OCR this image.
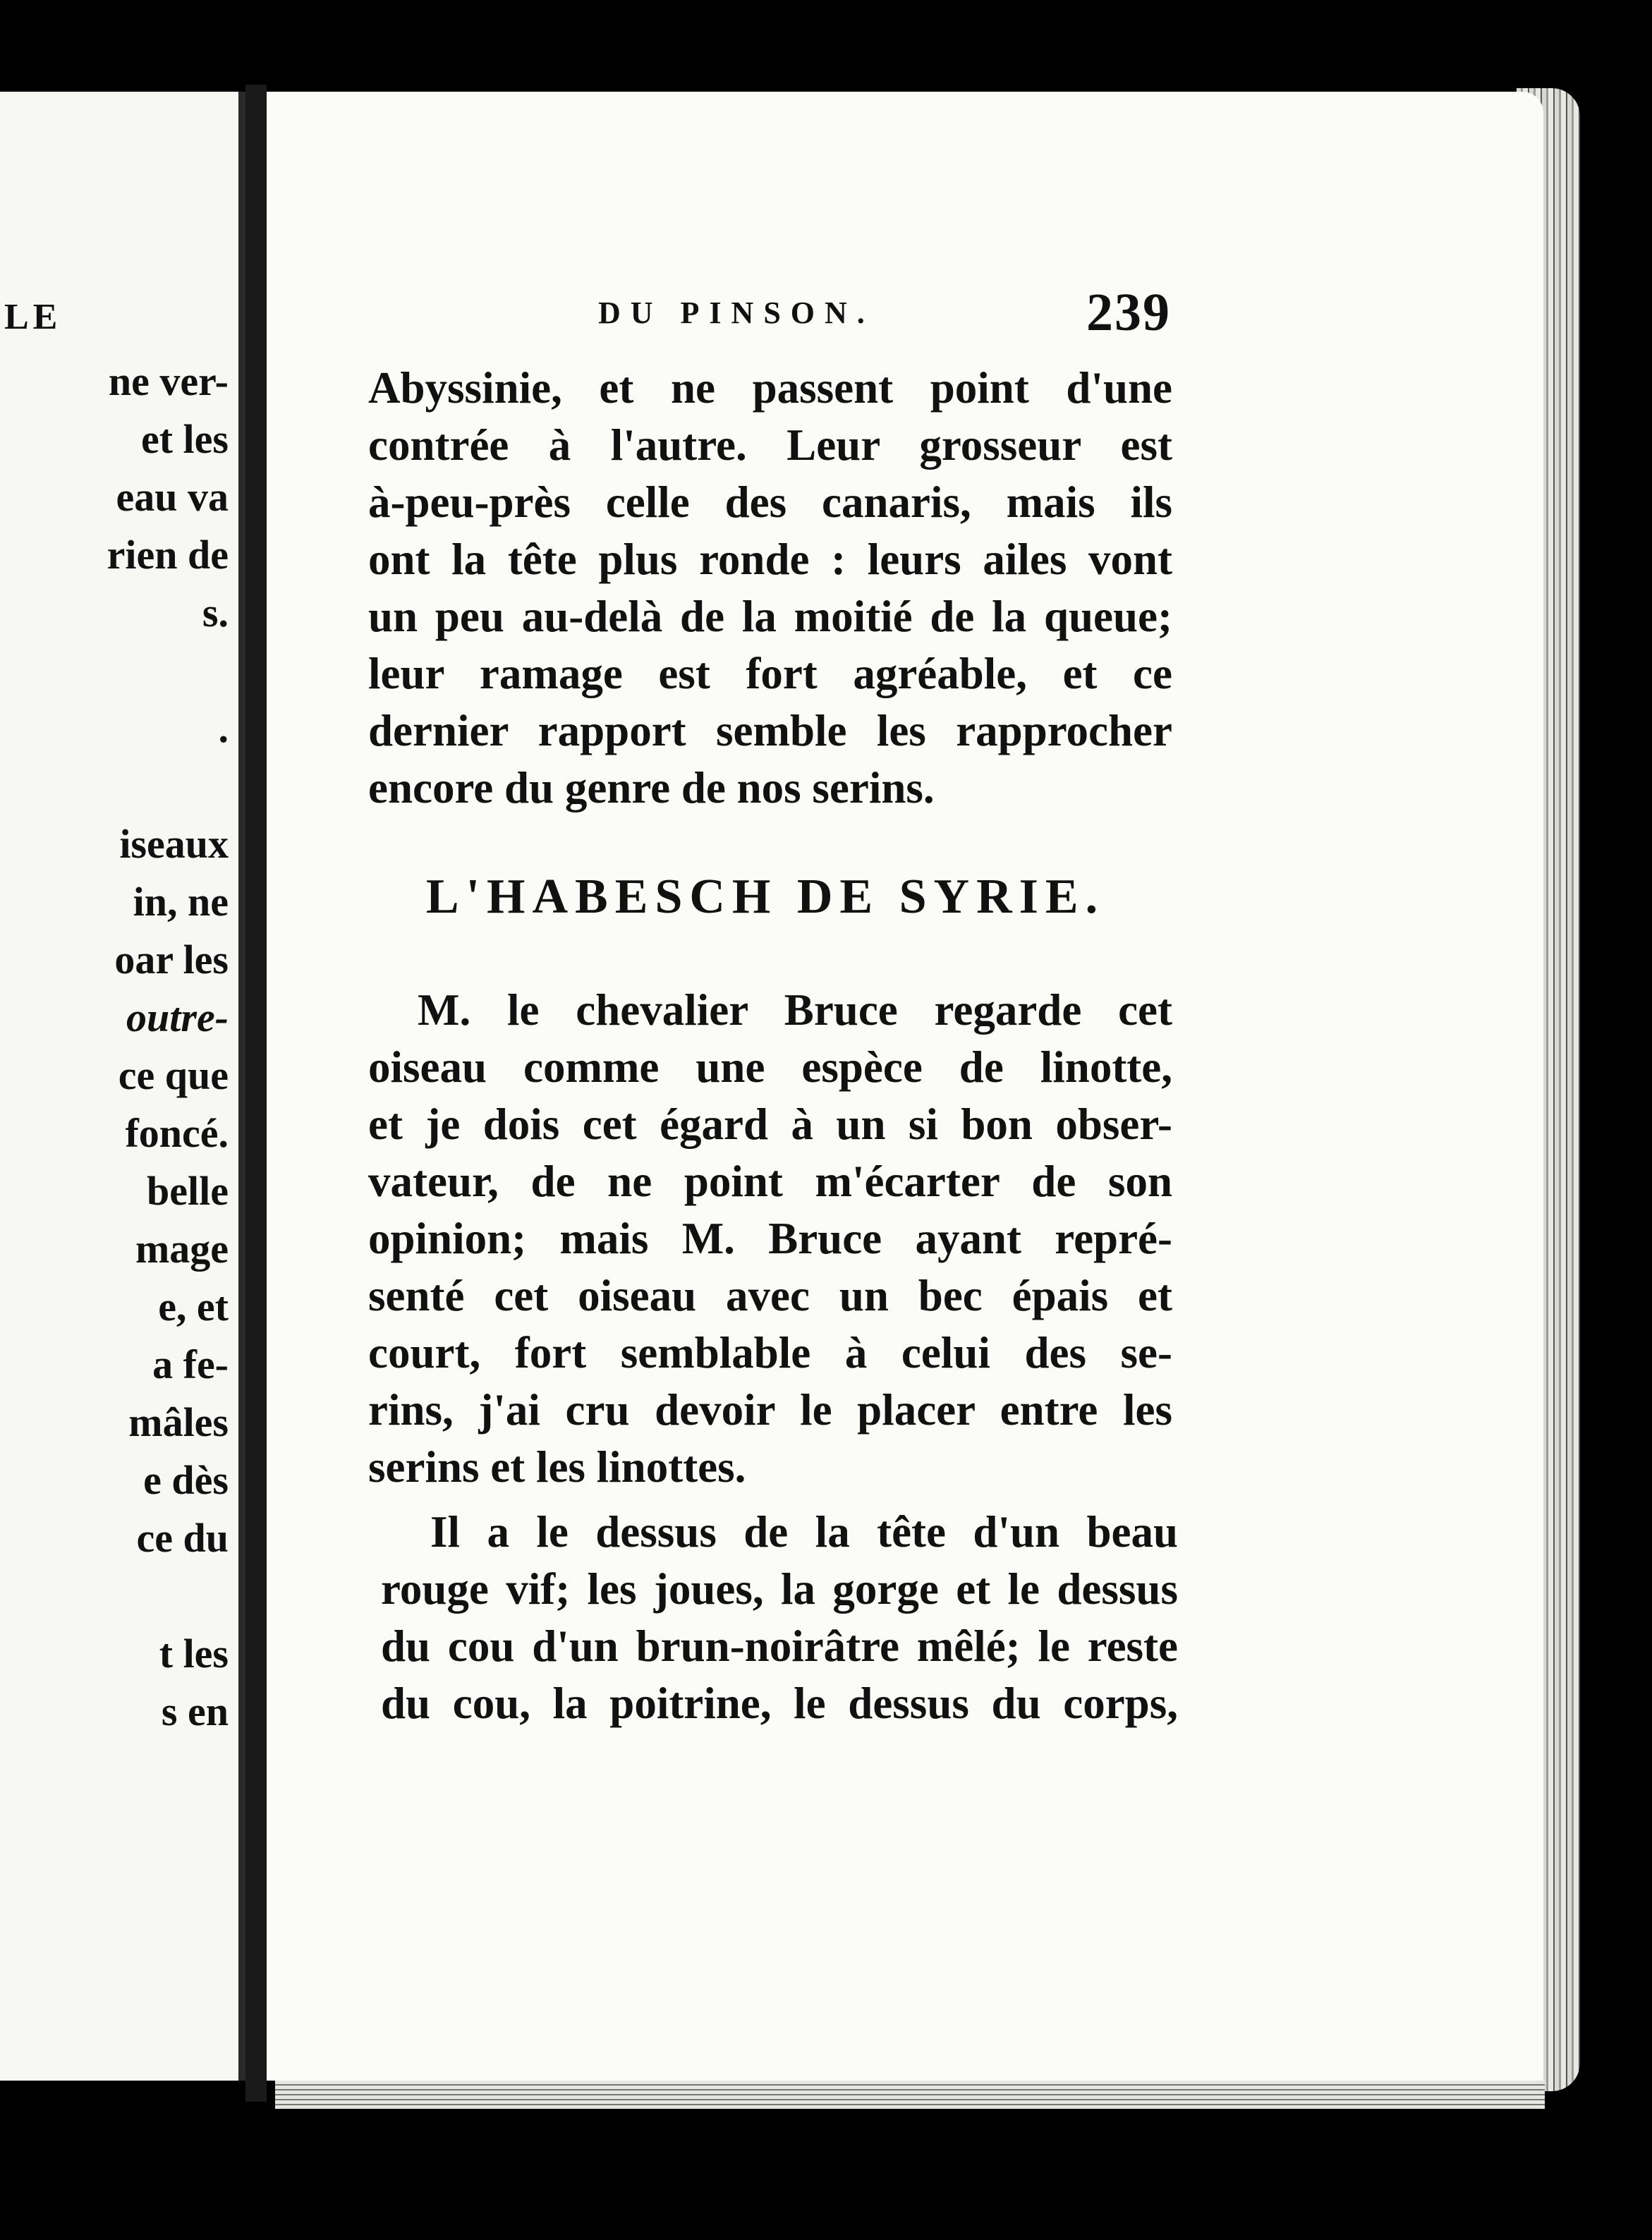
LE
ne ver-
et les
eau va
rien de
s.
.
iseaux
in, ne
oar les
outre-
ce que
foncé.
belle
mage
e, et
a fe-
mâles
e dès
ce du
t les
s en
DU PINSON.	239
Abyssinie, et ne passent point d'une
contrée à l'autre. Leur grosseur est
à-peu-près celle des canaris, mais ils
ont la tête plus ronde : leurs ailes vont
un peu au-delà de la moitié de la queue;
leur ramage est fort agréable, et ce
dernier rapport semble les rapprocher
encore du genre de nos serins.
L'HABESCH DE SYRIE.
M. le chevalier Bruce regarde cet
oiseau comme une espèce de linotte,
et je dois cet égard à un si bon obser-
vateur, de ne point m'écarter de son
opinion; mais M. Bruce ayant repré-
senté cet oiseau avec un bec épais et
court, fort semblable à celui des se-
rins, j'ai cru devoir le placer entre les
serins et les linottes.
Il a le dessus de la tête d'un beau
rouge vif; les joues, la gorge et le dessus
du cou d'un brun-noirâtre mêlé; le reste
du cou, la poitrine, le dessus du corps,
